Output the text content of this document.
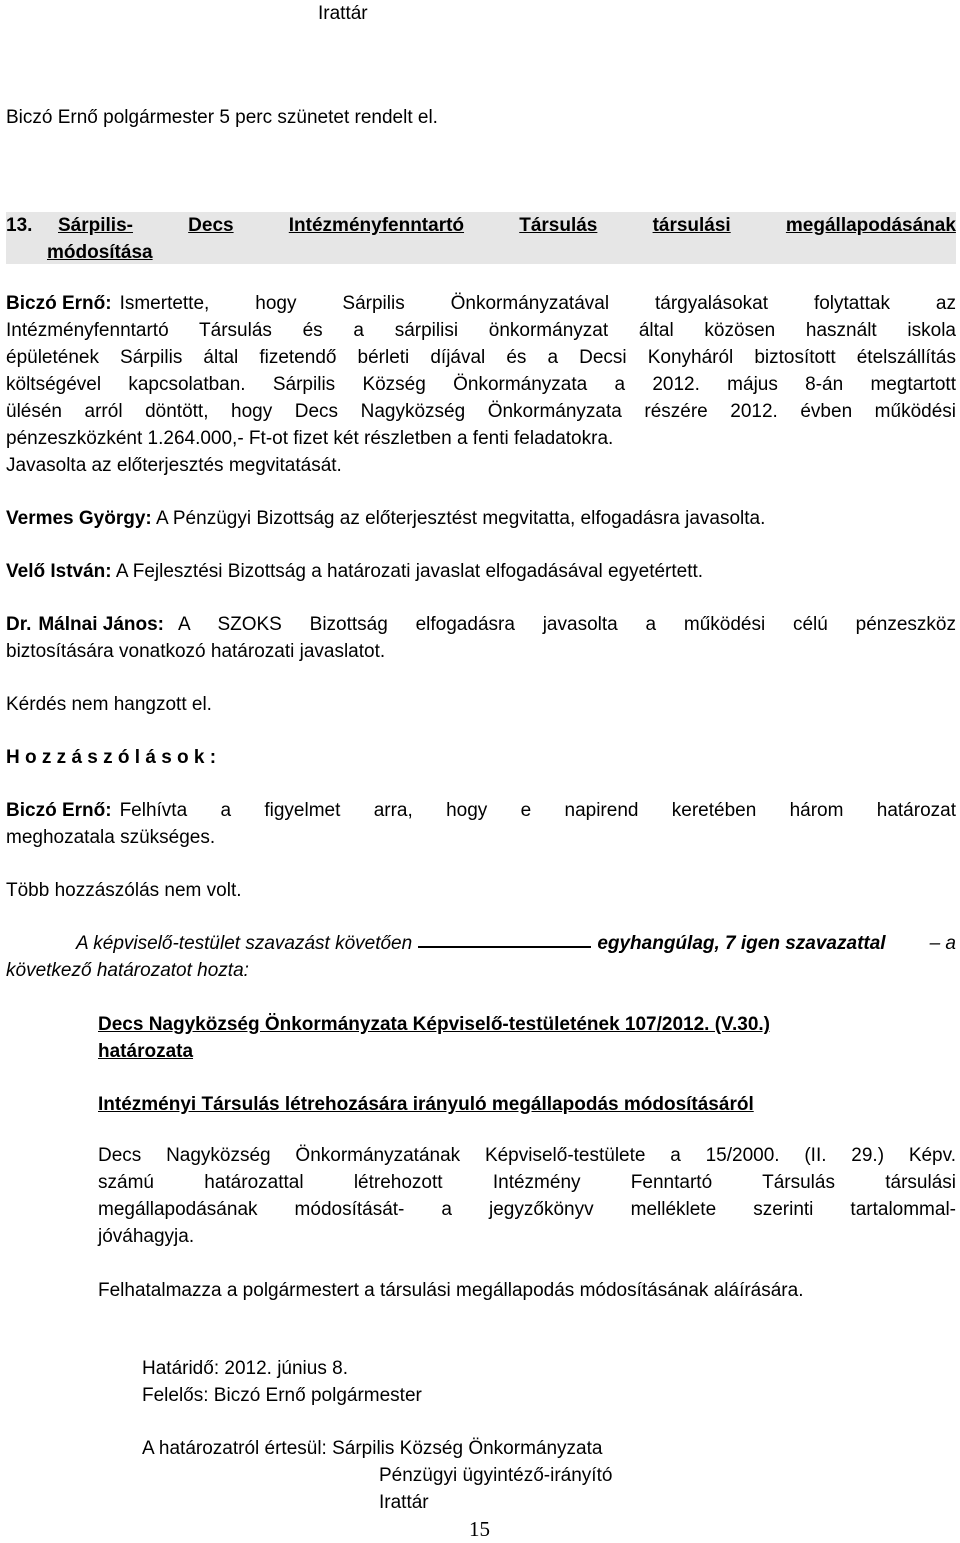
Irattár
Biczó Ernő polgármester 5 perc szünetet rendelt el.
13. Sárpilis-	Decs	Intézményfenntartó	Társulás	társulási	megállapodásának
módosítása
Biczó Ernő: Ismertette, hogy Sárpilis Önkormányzatával tárgyalásokat folytattak az
Intézményfenntartó Társulás és a sárpilisi önkormányzat által közösen használt iskola
épületének Sárpilis által fizetendő bérleti díjával és a Decsi Konyháról biztosított ételszállítás
költségével kapcsolatban. Sárpilis Község Önkormányzata a 2012. május 8-án megtartott
ülésén arról döntött, hogy Decs Nagyközség Önkormányzata részére 2012. évben működési
pénzeszközként 1.264.000,- Ft-ot fizet két részletben a fenti feladatokra.
Javasolta az előterjesztés megvitatását.
Vermes György: A Pénzügyi Bizottság az előterjesztést megvitatta, elfogadásra javasolta.
Velő István: A Fejlesztési Bizottság a határozati javaslat elfogadásával egyetértett.
Dr. Málnai János: A SZOKS Bizottság elfogadásra javasolta a működési célú pénzeszköz
biztosítására vonatkozó határozati javaslatot.
Kérdés nem hangzott el.
H o z z á s z ó l á s o k :
Biczó Ernő: Felhívta a figyelmet arra, hogy e napirend keretében három határozat
meghozatala szükséges.
Több hozzászólás nem volt.
A képviselő-testület szavazást követően	egyhangúlag, 7 igen szavazattal – a
következő határozatot hozta:
Decs Nagyközség Önkormányzata Képviselő-testületének 107/2012. (V.30.)
határozata
Intézményi Társulás létrehozására irányuló megállapodás módosításáról
Decs Nagyközség Önkormányzatának Képviselő-testülete a 15/2000. (II. 29.) Képv.
számú határozattal létrehozott Intézmény Fenntartó Társulás társulási
megállapodásának módosítását- a jegyzőkönyv melléklete szerinti tartalommal-
jóváhagyja.
Felhatalmazza a polgármestert a társulási megállapodás módosításának aláírására.
Határidő: 2012. június 8.
Felelős: Biczó Ernő polgármester
A határozatról értesül: Sárpilis Község Önkormányzata
Pénzügyi ügyintéző-irányító
Irattár
15
